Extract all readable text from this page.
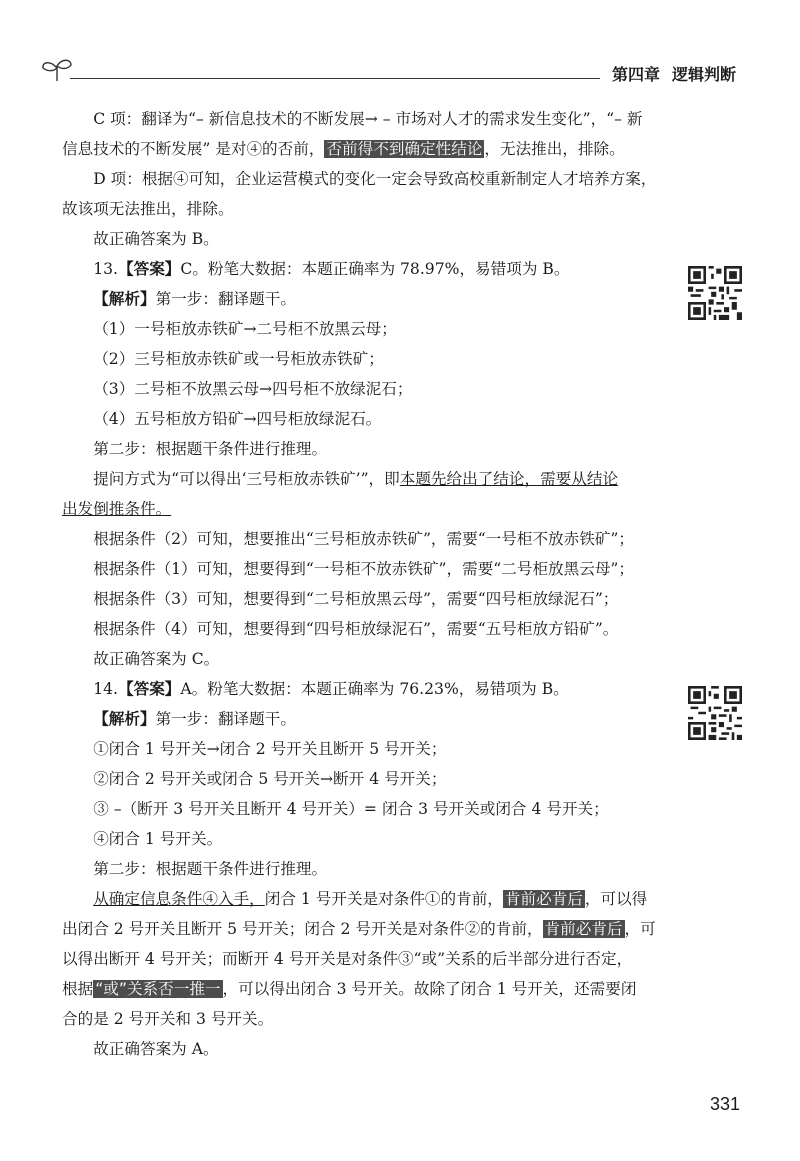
第四章 逻辑判断

C 项：翻译为“– 新信息技术的不断发展→ – 市场对人才的需求发生变化”，“– 新

信息技术的不断发展” 是对④的否前， 否前得不到确定性结论 ，无法推出，排除。

D 项：根据④可知，企业运营模式的变化一定会导致高校重新制定人才培养方案，

故该项无法推出，排除。

故正确答案为 B。

13.【答案】C。粉笔大数据：本题正确率为 78.97%，易错项为 B。

【解析】第一步：翻译题干。

（1）一号柜放赤铁矿→二号柜不放黑云母；

（2）三号柜放赤铁矿或一号柜放赤铁矿；

（3）二号柜不放黑云母→四号柜不放绿泥石；

（4）五号柜放方铅矿→四号柜放绿泥石。

第二步：根据题干条件进行推理。

提问方式为“可以得出‘三号柜放赤铁矿’”，即本题先给出了结论，需要从结论

出发倒推条件。

根据条件（2）可知，想要推出“三号柜放赤铁矿”，需要“一号柜不放赤铁矿”；

根据条件（1）可知，想要得到“一号柜不放赤铁矿”，需要“二号柜放黑云母”；

根据条件（3）可知，想要得到“二号柜放黑云母”，需要“四号柜放绿泥石”；

根据条件（4）可知，想要得到“四号柜放绿泥石”，需要“五号柜放方铅矿”。

故正确答案为 C。

14.【答案】A。粉笔大数据：本题正确率为 76.23%，易错项为 B。

【解析】第一步：翻译题干。

①闭合 1 号开关→闭合 2 号开关且断开 5 号开关；

②闭合 2 号开关或闭合 5 号开关→断开 4 号开关；

③ –（断开 3 号开关且断开 4 号开关）= 闭合 3 号开关或闭合 4 号开关；

④闭合 1 号开关。

第二步：根据题干条件进行推理。

从确定信息条件④入手，闭合 1 号开关是对条件①的肯前， 肯前必肯后 ，可以得

出闭合 2 号开关且断开 5 号开关；闭合 2 号开关是对条件②的肯前， 肯前必肯后 ，可

以得出断开 4 号开关；而断开 4 号开关是对条件③“或”关系的后半部分进行否定，

根据 “或”关系否一推一 ，可以得出闭合 3 号开关。故除了闭合 1 号开关，还需要闭

合的是 2 号开关和 3 号开关。

故正确答案为 A。

331
